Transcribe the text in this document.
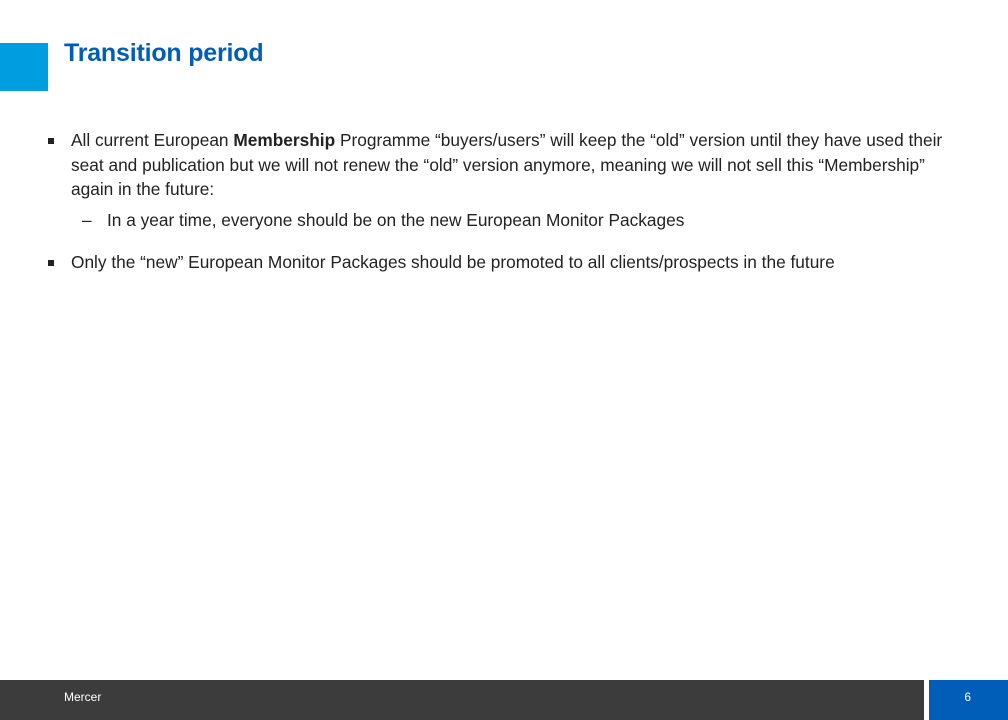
Transition period
All current European Membership Programme “buyers/users” will keep the “old” version until they have used their seat and publication but we will not renew the “old” version anymore, meaning we will not sell this “Membership” again in the future:
– In a year time, everyone should be on the new European Monitor Packages
Only the “new” European Monitor Packages should be promoted to all clients/prospects in the future
Mercer	6
